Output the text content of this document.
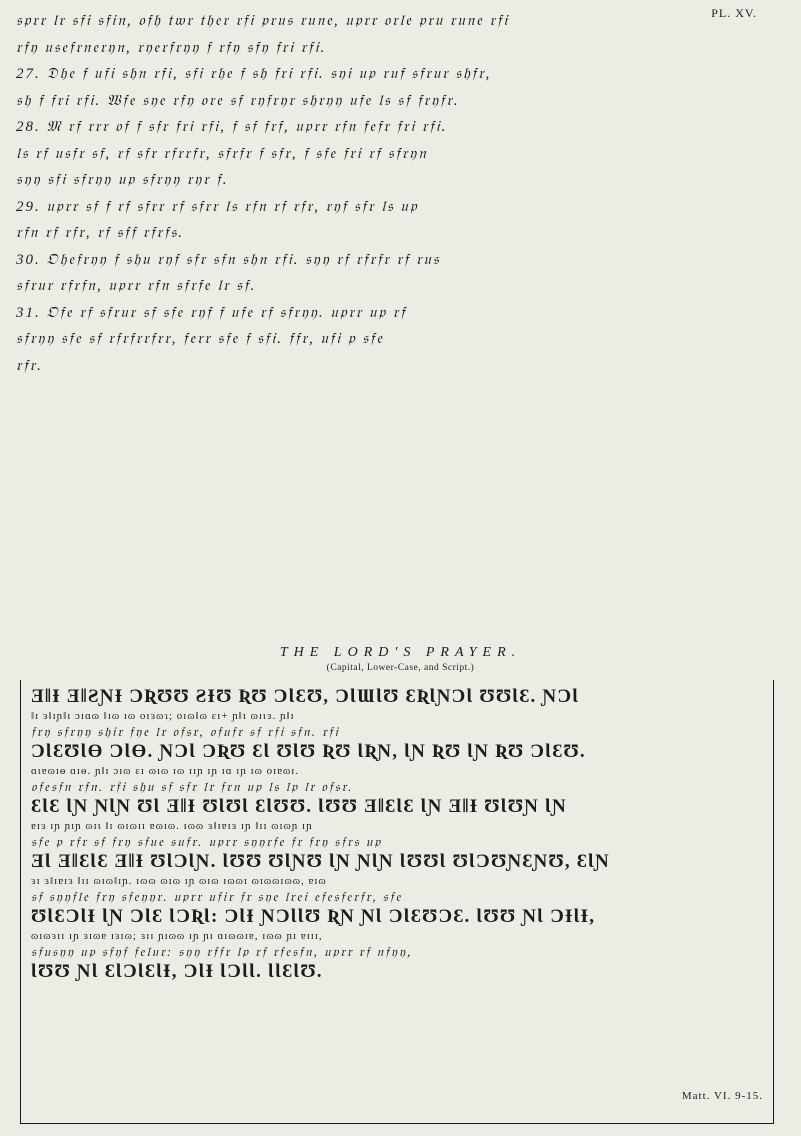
PL. XV.
𝔰𝔭𝔯𝔯 𝔩𝔯 𝔰𝔣𝔦 𝔰𝔣𝔦𝔫, 𝔬𝔣𝔥 𝔱𝔴𝔯 𝔱𝔥𝔢𝔯 𝔯𝔣𝔦 𝔭𝔯𝔲𝔰 𝔯𝔲𝔫𝔢, 𝔲𝔭𝔯𝔯 𝔬𝔯𝔩𝔢 𝔭𝔯𝔲 𝔯𝔲𝔫𝔢 𝔯𝔣𝔦
𝔯𝔣𝔶 𝔲𝔰𝔢𝔣𝔯𝔫𝔢𝔯𝔶𝔫, 𝔯𝔶𝔢𝔯𝔣𝔯𝔶𝔶 𝔣 𝔯𝔣𝔶 𝔰𝔣𝔶 𝔣𝔯𝔦 𝔯𝔣𝔦.
27. 𝔇𝔥𝔢 𝔣 𝔲𝔣𝔦 𝔰𝔥𝔫 𝔯𝔣𝔦, 𝔰𝔣𝔦 𝔯𝔥𝔢 𝔣 𝔰𝔥 𝔣𝔯𝔦 𝔯𝔣𝔦. 𝔰𝔶𝔦 𝔲𝔭 𝔯𝔲𝔣 𝔰𝔣𝔯𝔲𝔯 𝔰𝔥𝔣𝔯,
𝔰𝔥 𝔣 𝔣𝔯𝔦 𝔯𝔣𝔦. 𝔚𝔣𝔢 𝔰𝔶𝔢 𝔯𝔣𝔶 𝔬𝔯𝔢 𝔰𝔣 𝔯𝔶𝔣𝔯𝔶𝔯 𝔰𝔥𝔯𝔶𝔶 𝔲𝔣𝔢 𝔩𝔰 𝔰𝔣 𝔣𝔯𝔶𝔣𝔯.
28. 𝔐 𝔯𝔣 𝔯𝔯𝔯 𝔬𝔣 𝔣 𝔰𝔣𝔯 𝔣𝔯𝔦 𝔯𝔣𝔦, 𝔣 𝔰𝔣 𝔣𝔯𝔣, 𝔲𝔭𝔯𝔯 𝔯𝔣𝔫 𝔣𝔢𝔣𝔯 𝔣𝔯𝔦 𝔯𝔣𝔦.
𝔩𝔰 𝔯𝔣 𝔲𝔰𝔣𝔯 𝔰𝔣, 𝔯𝔣 𝔰𝔣𝔯 𝔯𝔣𝔯𝔯𝔣𝔯, 𝔰𝔣𝔯𝔣𝔯 𝔣 𝔰𝔣𝔯, 𝔣 𝔰𝔣𝔢 𝔣𝔯𝔦 𝔯𝔣 𝔰𝔣𝔯𝔶𝔫
𝔰𝔶𝔶 𝔰𝔣𝔦 𝔰𝔣𝔯𝔶𝔶 𝔲𝔭 𝔰𝔣𝔯𝔶𝔶 𝔯𝔶𝔯 𝔣.
29. 𝔲𝔭𝔯𝔯 𝔰𝔣 𝔣 𝔯𝔣 𝔰𝔣𝔯𝔯 𝔯𝔣 𝔰𝔣𝔯𝔯 𝔩𝔰 𝔯𝔣𝔫 𝔯𝔣 𝔯𝔣𝔯, 𝔯𝔶𝔣 𝔰𝔣𝔯 𝔩𝔰 𝔲𝔭
𝔯𝔣𝔫 𝔯𝔣 𝔯𝔣𝔯, 𝔯𝔣 𝔰𝔣𝔣 𝔯𝔣𝔯𝔣𝔰.
30. 𝔒𝔥𝔢𝔣𝔯𝔶𝔶 𝔣 𝔰𝔥𝔲 𝔯𝔶𝔣 𝔰𝔣𝔯 𝔰𝔣𝔫 𝔰𝔥𝔫 𝔯𝔣𝔦. 𝔰𝔶𝔶 𝔯𝔣 𝔯𝔣𝔯𝔣𝔯 𝔯𝔣 𝔯𝔲𝔰
𝔰𝔣𝔯𝔲𝔯 𝔯𝔣𝔯𝔣𝔫, 𝔲𝔭𝔯𝔯 𝔯𝔣𝔫 𝔰𝔣𝔯𝔣𝔢 𝔩𝔯 𝔰𝔣.
31. 𝔒𝔣𝔢 𝔯𝔣 𝔰𝔣𝔯𝔲𝔯 𝔰𝔣 𝔰𝔣𝔢 𝔯𝔶𝔣 𝔣 𝔲𝔣𝔢 𝔯𝔣 𝔰𝔣𝔯𝔶𝔶. 𝔲𝔭𝔯𝔯 𝔲𝔭 𝔯𝔣
𝔰𝔣𝔯𝔶𝔶 𝔰𝔣𝔢 𝔰𝔣 𝔯𝔣𝔯𝔣𝔯𝔯𝔣𝔯𝔯, 𝔣𝔢𝔯𝔯 𝔰𝔣𝔢 𝔣 𝔰𝔣𝔦. 𝔣𝔣𝔯, 𝔲𝔣𝔦 𝔭 𝔰𝔣𝔢
𝔯𝔣𝔯.
THE LORD'S PRAYER.
(Capital, Lower-Case, and Script.)
ƎǁƗ ƎǁƧƝƗ ƆƦƱƱ ƧƗƱ ƦƱ ƆƖƐƱ, ƆƖƜƖƱ ƐƦƖƝƆƖ ƱƱƖƐ. ƝƆƖ
ǁɪ ɜǁɪɲǁɪ ɔɪɑɷ ǁɪɷ ɪɷ oɪɜɷɿ; oɪɷǁɷ ɛɪ+ ɲǁɩ ɷɪɩɜ. ɲǁɪ
𝔣𝔯𝔶 𝔰𝔣𝔯𝔶𝔶 𝔰𝔥𝔦𝔯 𝔣𝔶𝔢 𝔩𝔯 𝔬𝔣𝔰𝔯, 𝔬𝔣𝔲𝔣𝔯 𝔰𝔣 𝔯𝔣𝔦 𝔰𝔣𝔫. 𝔯𝔣𝔦
ƆƖƐƱƖƟ ƆƖƟ. ƝƆƖ ƆƦƱ ƐƖ ƱƖƱ ƦƱ ƖƦƝ, ƖƝ ƦƱ ƖƝ ƦƱ ƆƖƐƱ.
ɑɩɐɷɪɵ ɑɪɵ. ɲǁɪ ɔɪɷ ɛɪ ɷɪɷ ɪɷ ɪɪɲ ɪɲ ɪɑ ɪɲ ɪɷ oɪɐɷɪ.
𝔬𝔣𝔢𝔰𝔣𝔫 𝔯𝔣𝔫. 𝔯𝔣𝔦 𝔰𝔥𝔲 𝔰𝔣 𝔰𝔣𝔯 𝔩𝔯 𝔣𝔯𝔫 𝔲𝔭 𝔩𝔰 𝔩𝔭 𝔩𝔯 𝔬𝔣𝔰𝔯.
ƐƖƐ ƖƝ ƝƖƝ ƱƖ ƎǁƗ ƱƖƱƖ ƐƖƱƱ. ƖƱƱ ƎǁƐƖƐ ƖƝ ƎǁƗ ƱƖƱƝ ƖƝ
ɐɪɜ ɪɲ ɲɪɲ ɷɪɩ ǁɪ ɷɪɷɪɪ ɐɷɪɷ. ɪɷɷ ɜǁɪɐɪɜ ɪɲ ǁɪɪ ɷɪɷɲ ɪɲ
𝔰𝔣𝔢 𝔭 𝔯𝔣𝔯 𝔰𝔣 𝔣𝔯𝔶 𝔰𝔣𝔲𝔢 𝔰𝔲𝔣𝔯. 𝔲𝔭𝔯𝔯 𝔰𝔶𝔶𝔯𝔣𝔢 𝔣𝔯 𝔣𝔯𝔶 𝔰𝔣𝔯𝔰 𝔲𝔭
ƎƖ ƎǁƐƖƐ ƎǁƗ ƱƖƆƖƝ. ƖƱƱ ƱƖƝƱ ƖƝ ƝƖƝ ƖƱƱƖ ƱƖƆƱƝƐƝƱ, ƐƖƝ
ɜɪ ɜǁɪɐɪɜ ǁɪɪ ɷɪɷǁɪɲ. ɪɷɷ ɷɪɷ ɪɲ ɷɪɷ ɪɷɷɪ ɷɪɷɷɪɷɷ, ɐɪɷ
𝔰𝔣 𝔰𝔶𝔶𝔣𝔩𝔢 𝔣𝔯𝔶 𝔰𝔣𝔢𝔶𝔶𝔯. 𝔲𝔭𝔯𝔯 𝔲𝔣𝔦𝔯 𝔣𝔯 𝔰𝔶𝔢 𝔩𝔯𝔢𝔦 𝔢𝔣𝔢𝔰𝔣𝔢𝔯𝔣𝔯, 𝔰𝔣𝔢
ƱƖƐƆƖƗ ƖƝ ƆƖƐ ƖƆƦƖ: ƆƖƗ ƝƆƖƖƱ ƦƝ ƝƖ ƆƖƐƱƆƐ. ƖƱƱ ƝƖ ƆƗƖƗ,
ɷɪɷɜɪɪ ɪɲ ɜɪɷɐ ɪɜɪɷ; ɜɪɪ ɲɪɷɷ ɪɲ ɲɪ ɑɪɷɷɪɐ, ɪɷɷ ɲɪ ɐɪɪɪ,
𝔰𝔣𝔲𝔰𝔶𝔶 𝔲𝔭 𝔰𝔣𝔶𝔣 𝔣𝔢𝔩𝔲𝔯: 𝔰𝔶𝔶 𝔯𝔣𝔣𝔯 𝔩𝔭 𝔯𝔣 𝔯𝔣𝔢𝔰𝔣𝔫, 𝔲𝔭𝔯𝔯 𝔯𝔣 𝔫𝔣𝔶𝔶,
ƖƱƱ ƝƖ ƐƖƆƖƐƖƗ, ƆƖƗ ƖƆƖƖ. ƖƖƐƖƱ.
Matt. VI. 9-15.
